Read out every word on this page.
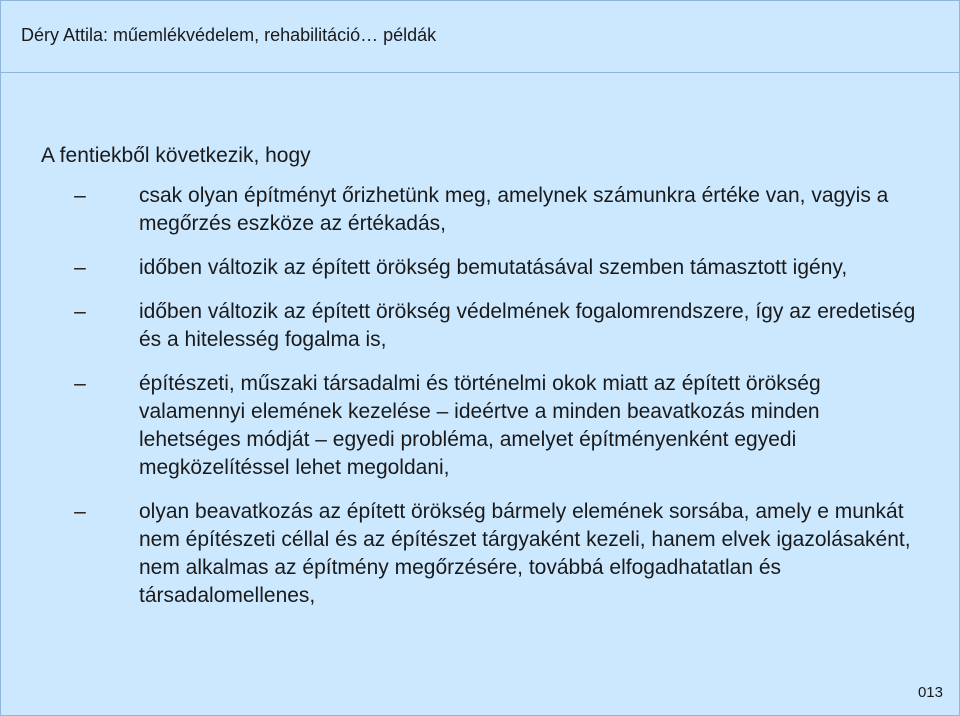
Déry Attila: műemlékvédelem, rehabilitáció… példák
A fentiekből következik, hogy
–	csak olyan építményt őrizhetünk meg, amelynek számunkra értéke van, vagyis a megőrzés eszköze az értékadás,
–	időben változik az épített örökség bemutatásával szemben támasztott igény,
–	időben változik az épített örökség védelmének fogalomrendszere, így az eredetiség és a hitelesség fogalma is,
–	építészeti, műszaki társadalmi és történelmi okok miatt az épített örökség valamennyi elemének kezelése – ideértve a minden beavatkozás minden lehetséges módját – egyedi probléma, amelyet építményenként egyedi megközelítéssel lehet megoldani,
–	olyan beavatkozás az épített örökség bármely elemének sorsába, amely e munkát nem építészeti céllal és az építészet tárgyaként kezeli, hanem elvek igazolásaként, nem alkalmas az építmény megőrzésére, továbbá elfogadhatatlan és társadalomellenes,
013
